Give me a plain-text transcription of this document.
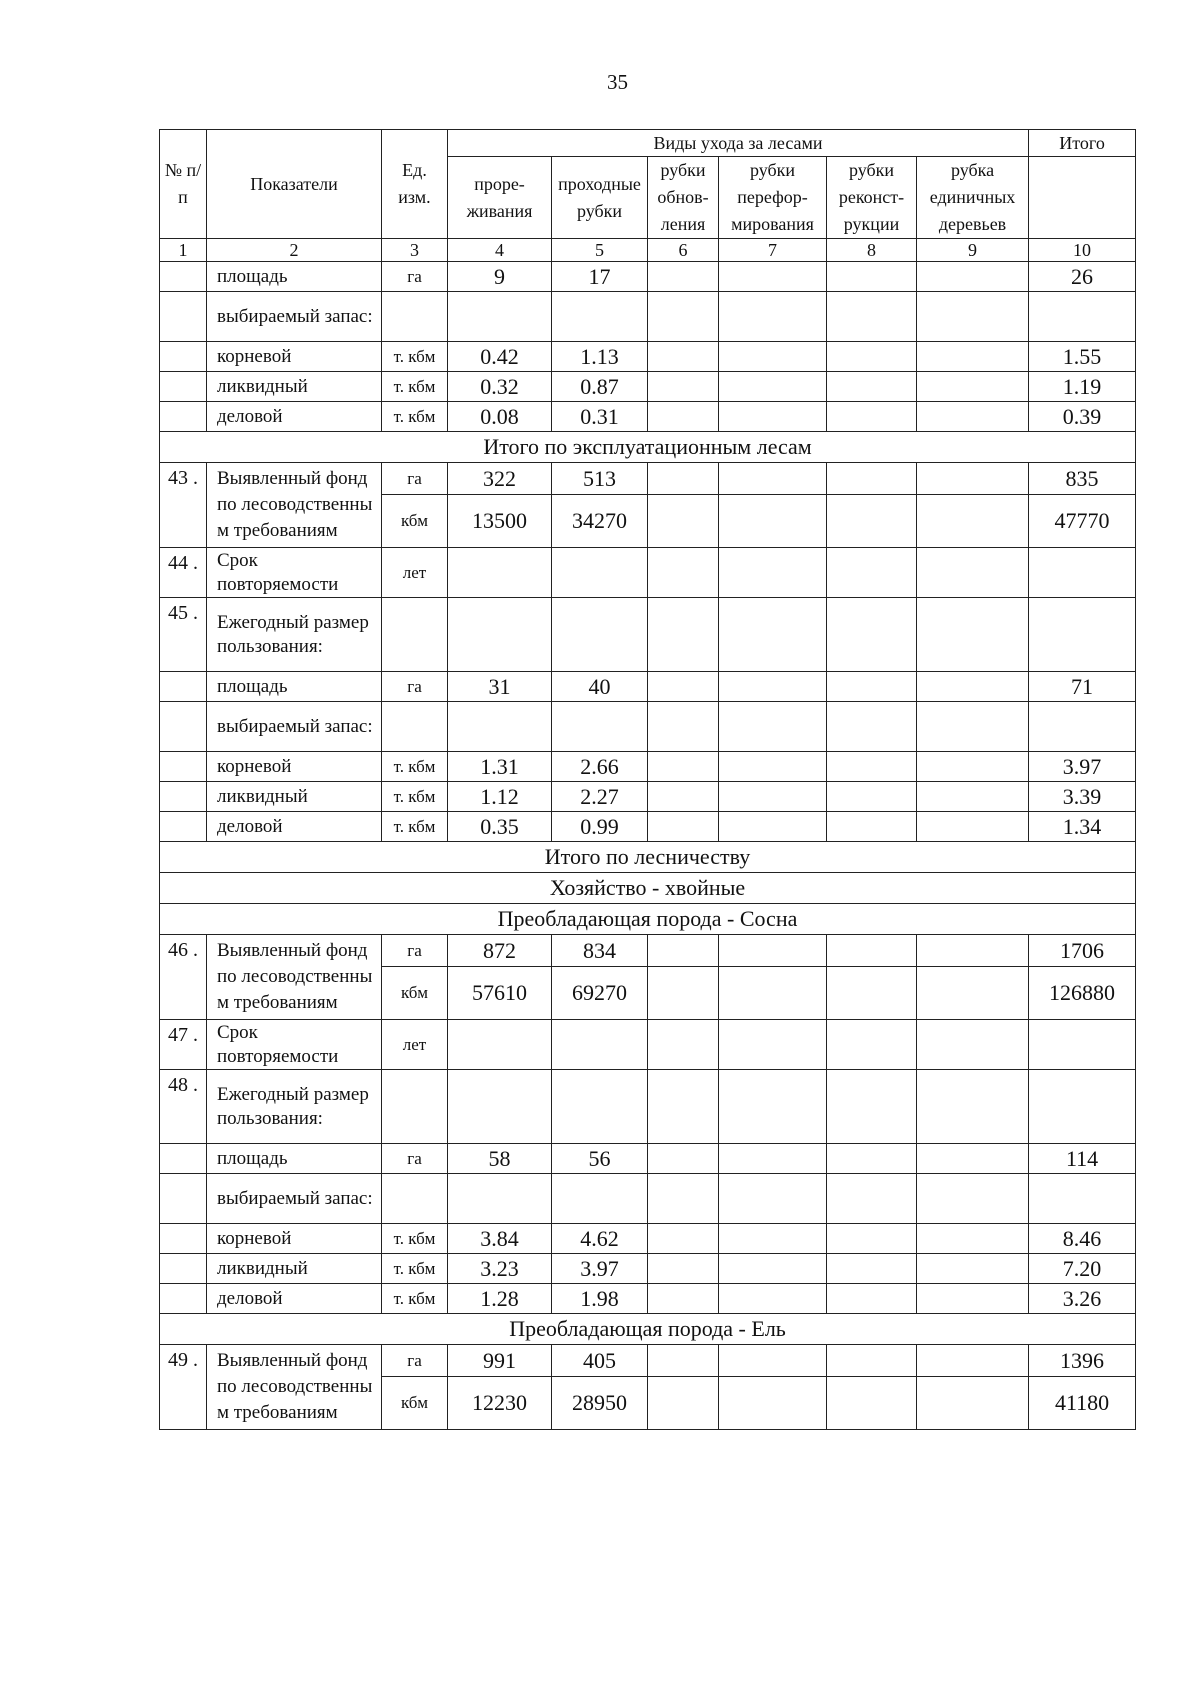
35
№ п/п	Показатели	Ед. изм.	Виды ухода за лесами						Итого
			проре- живания	проходные рубки	рубки обнов- ления	рубки перефор- мирования	рубки реконст- рукции	рубка единичных деревьев	
1	2	3	4	5	6	7	8	9	10
	площадь	га	9	17					26
	выбираемый запас:								
	корневой	т. кбм	0.42	1.13					1.55
	ликвидный	т. кбм	0.32	0.87					1.19
	деловой	т. кбм	0.08	0.31					0.39
Итого по эксплуатационным лесам									
43 .	Выявленный фонд по лесоводственны м требованиям	га	322	513					835
		кбм	13500	34270					47770
44 .	Срок повторяемости	лет							
45 .	Ежегодный размер пользования:								
	площадь	га	31	40					71
	выбираемый запас:								
	корневой	т. кбм	1.31	2.66					3.97
	ликвидный	т. кбм	1.12	2.27					3.39
	деловой	т. кбм	0.35	0.99					1.34
Итого по лесничеству									
Хозяйство - хвойные									
Преобладающая порода - Сосна									
46 .	Выявленный фонд по лесоводственны м требованиям	га	872	834					1706
		кбм	57610	69270					126880
47 .	Срок повторяемости	лет							
48 .	Ежегодный размер пользования:								
	площадь	га	58	56					114
	выбираемый запас:								
	корневой	т. кбм	3.84	4.62					8.46
	ликвидный	т. кбм	3.23	3.97					7.20
	деловой	т. кбм	1.28	1.98					3.26
Преобладающая порода - Ель									
49 .	Выявленный фонд по лесоводственны м требованиям	га	991	405					1396
		кбм	12230	28950					41180
